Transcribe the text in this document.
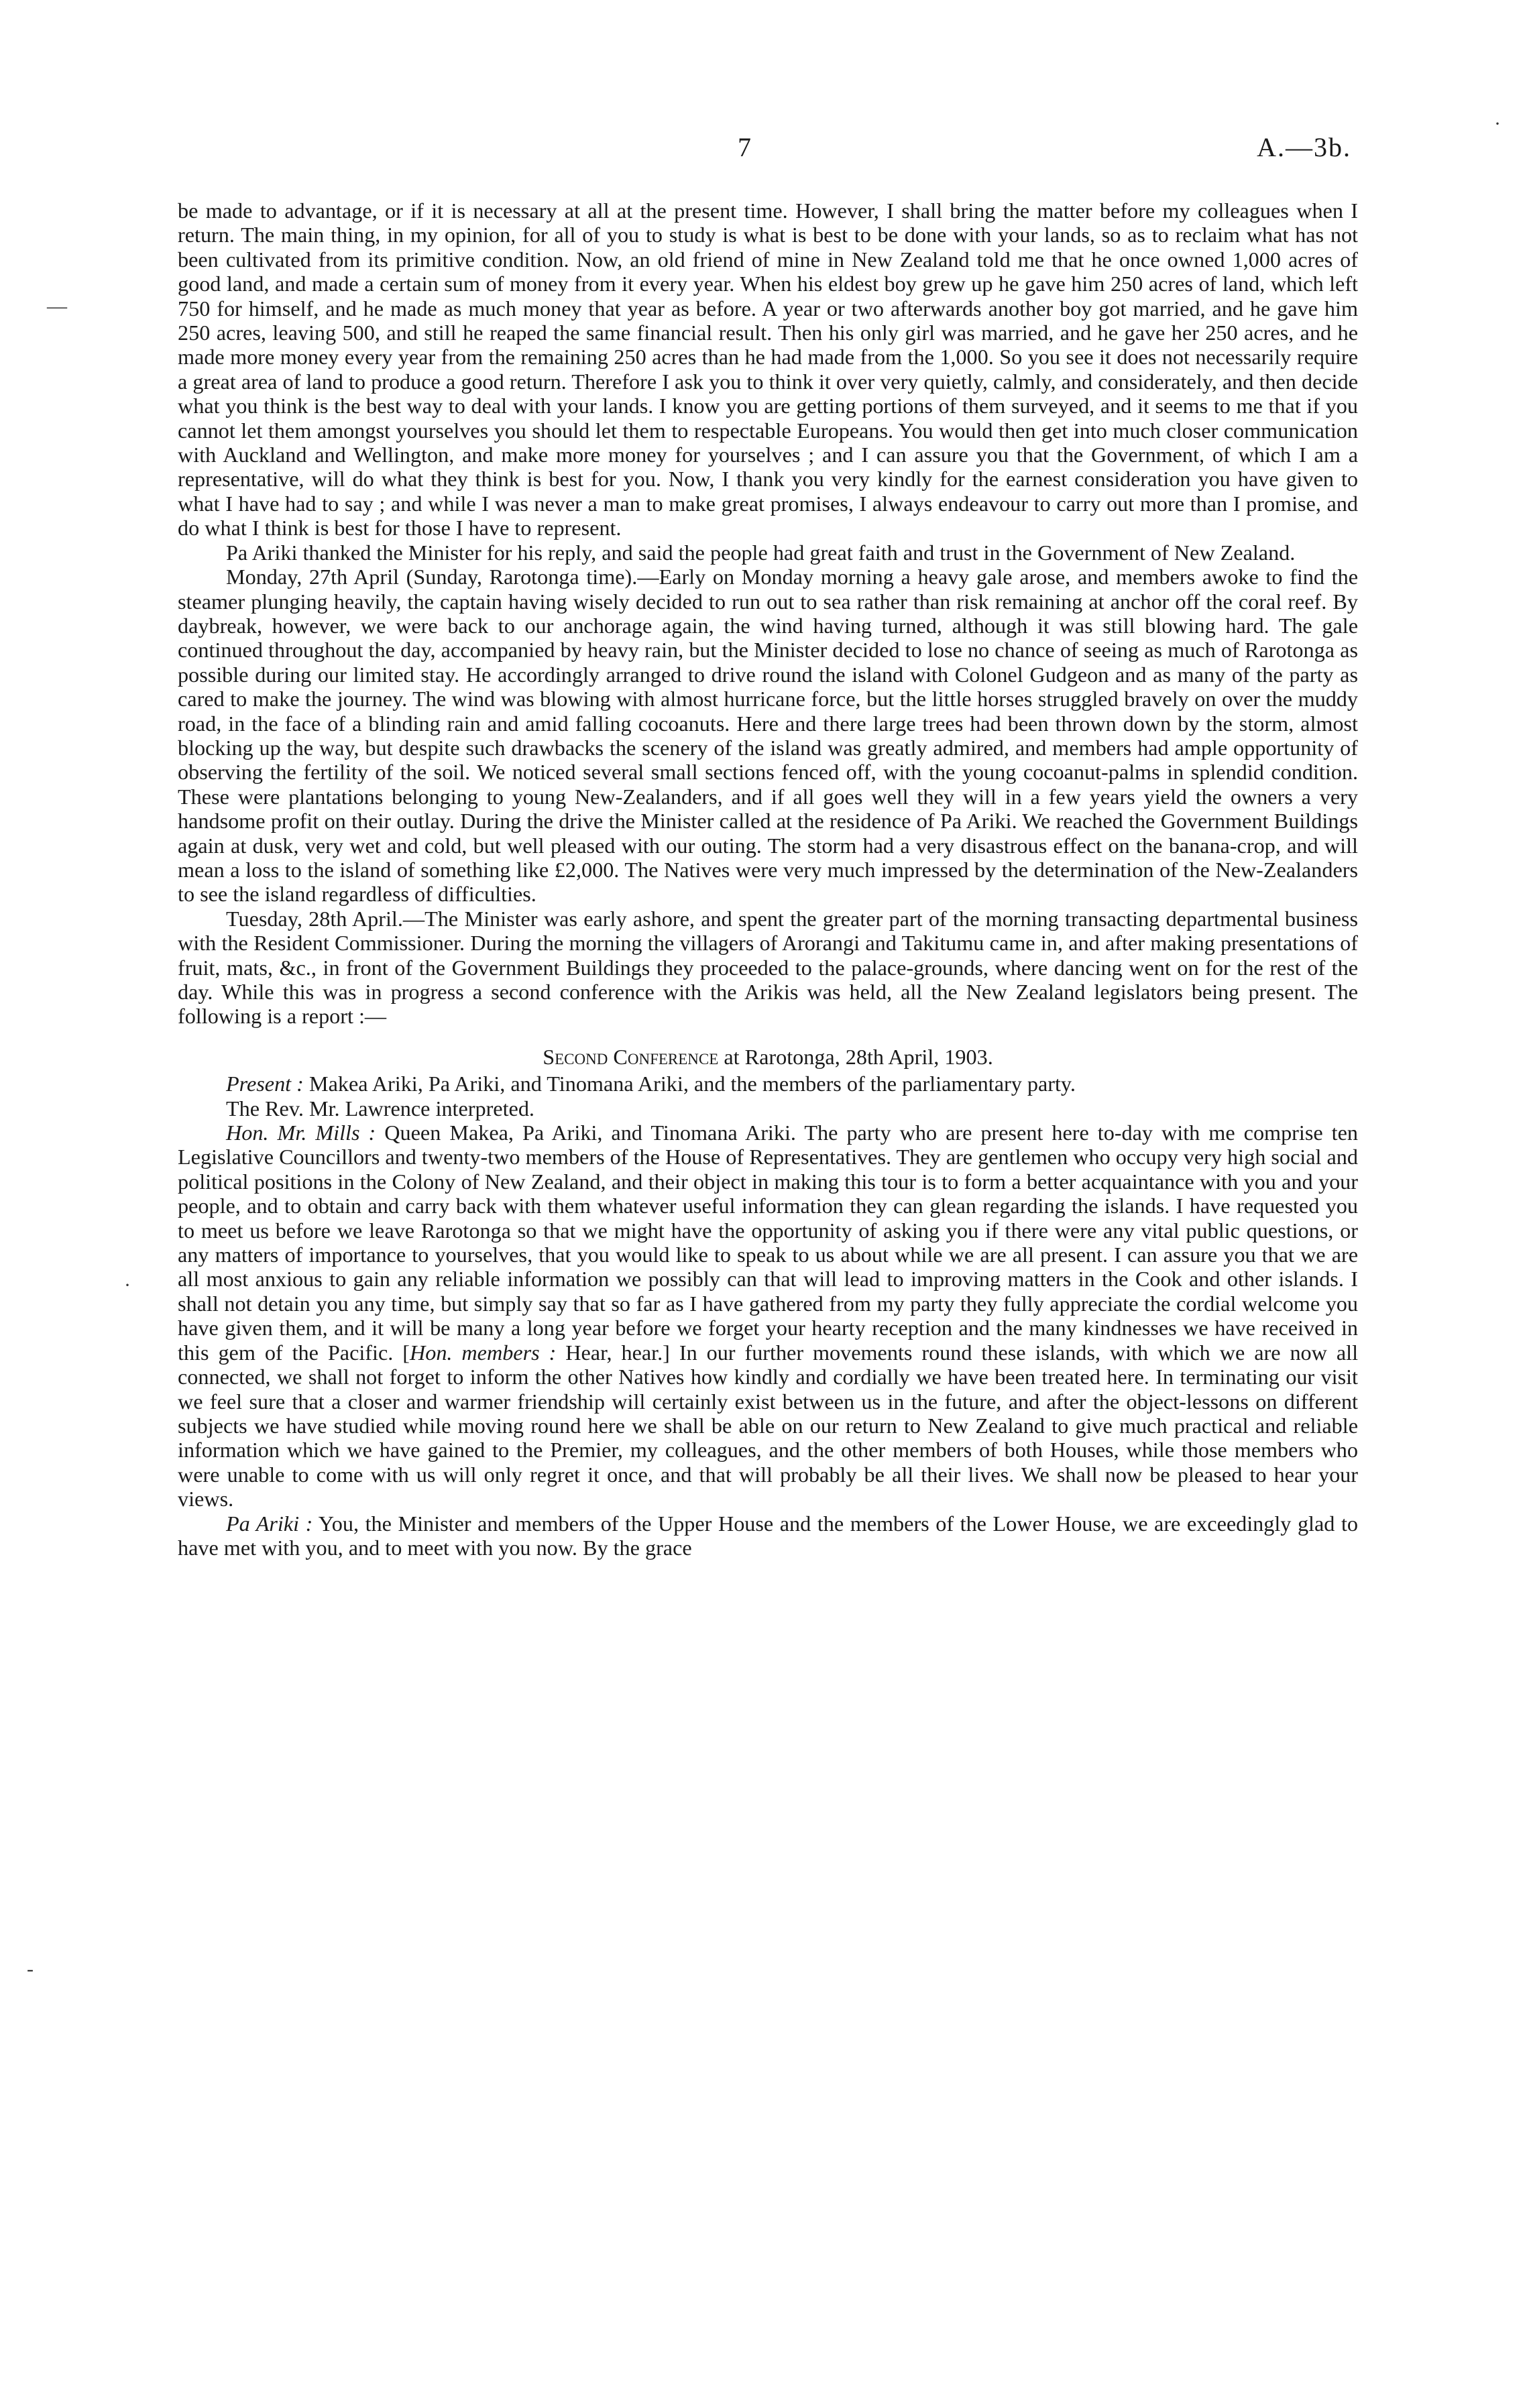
7	A.—3b.
·
—
·
-

be made to advantage, or if it is necessary at all at the present time. However, I shall bring the matter before my colleagues when I return. The main thing, in my opinion, for all of you to study is what is best to be done with your lands, so as to reclaim what has not been cultivated from its primitive condition. Now, an old friend of mine in New Zealand told me that he once owned 1,000 acres of good land, and made a certain sum of money from it every year. When his eldest boy grew up he gave him 250 acres of land, which left 750 for himself, and he made as much money that year as before. A year or two afterwards another boy got married, and he gave him 250 acres, leaving 500, and still he reaped the same financial result. Then his only girl was married, and he gave her 250 acres, and he made more money every year from the remaining 250 acres than he had made from the 1,000. So you see it does not necessarily require a great area of land to produce a good return. Therefore I ask you to think it over very quietly, calmly, and considerately, and then decide what you think is the best way to deal with your lands. I know you are getting portions of them surveyed, and it seems to me that if you cannot let them amongst yourselves you should let them to respectable Europeans. You would then get into much closer communication with Auckland and Wellington, and make more money for yourselves ; and I can assure you that the Government, of which I am a representative, will do what they think is best for you. Now, I thank you very kindly for the earnest consideration you have given to what I have had to say ; and while I was never a man to make great promises, I always endeavour to carry out more than I promise, and do what I think is best for those I have to represent.

Pa Ariki thanked the Minister for his reply, and said the people had great faith and trust in the Government of New Zealand.

Monday, 27th April (Sunday, Rarotonga time).—Early on Monday morning a heavy gale arose, and members awoke to find the steamer plunging heavily, the captain having wisely decided to run out to sea rather than risk remaining at anchor off the coral reef. By daybreak, however, we were back to our anchorage again, the wind having turned, although it was still blowing hard. The gale continued throughout the day, accompanied by heavy rain, but the Minister decided to lose no chance of seeing as much of Rarotonga as possible during our limited stay. He accordingly arranged to drive round the island with Colonel Gudgeon and as many of the party as cared to make the journey. The wind was blowing with almost hurricane force, but the little horses struggled bravely on over the muddy road, in the face of a blinding rain and amid falling cocoanuts. Here and there large trees had been thrown down by the storm, almost blocking up the way, but despite such drawbacks the scenery of the island was greatly admired, and members had ample opportunity of observing the fertility of the soil. We noticed several small sections fenced off, with the young cocoanut-palms in splendid condition. These were plantations belonging to young New-Zealanders, and if all goes well they will in a few years yield the owners a very handsome profit on their outlay. During the drive the Minister called at the residence of Pa Ariki. We reached the Government Buildings again at dusk, very wet and cold, but well pleased with our outing. The storm had a very disastrous effect on the banana-crop, and will mean a loss to the island of something like £2,000. The Natives were very much impressed by the determination of the New-Zealanders to see the island regardless of difficulties.

Tuesday, 28th April.—The Minister was early ashore, and spent the greater part of the morning transacting departmental business with the Resident Commissioner. During the morning the villagers of Arorangi and Takitumu came in, and after making presentations of fruit, mats, &c., in front of the Government Buildings they proceeded to the palace-grounds, where dancing went on for the rest of the day. While this was in progress a second conference with the Arikis was held, all the New Zealand legislators being present. The following is a report :—

Second Conference at Rarotonga, 28th April, 1903.

Present : Makea Ariki, Pa Ariki, and Tinomana Ariki, and the members of the parliamentary party.

The Rev. Mr. Lawrence interpreted.

Hon. Mr. Mills : Queen Makea, Pa Ariki, and Tinomana Ariki. The party who are present here to-day with me comprise ten Legislative Councillors and twenty-two members of the House of Representatives. They are gentlemen who occupy very high social and political positions in the Colony of New Zealand, and their object in making this tour is to form a better acquaintance with you and your people, and to obtain and carry back with them whatever useful information they can glean regarding the islands. I have requested you to meet us before we leave Rarotonga so that we might have the opportunity of asking you if there were any vital public questions, or any matters of importance to yourselves, that you would like to speak to us about while we are all present. I can assure you that we are all most anxious to gain any reliable information we possibly can that will lead to improving matters in the Cook and other islands. I shall not detain you any time, but simply say that so far as I have gathered from my party they fully appreciate the cordial welcome you have given them, and it will be many a long year before we forget your hearty reception and the many kindnesses we have received in this gem of the Pacific. [Hon. members : Hear, hear.] In our further movements round these islands, with which we are now all connected, we shall not forget to inform the other Natives how kindly and cordially we have been treated here. In terminating our visit we feel sure that a closer and warmer friendship will certainly exist between us in the future, and after the object-lessons on different subjects we have studied while moving round here we shall be able on our return to New Zealand to give much practical and reliable information which we have gained to the Premier, my colleagues, and the other members of both Houses, while those members who were unable to come with us will only regret it once, and that will probably be all their lives. We shall now be pleased to hear your views.

Pa Ariki : You, the Minister and members of the Upper House and the members of the Lower House, we are exceedingly glad to have met with you, and to meet with you now. By the grace
